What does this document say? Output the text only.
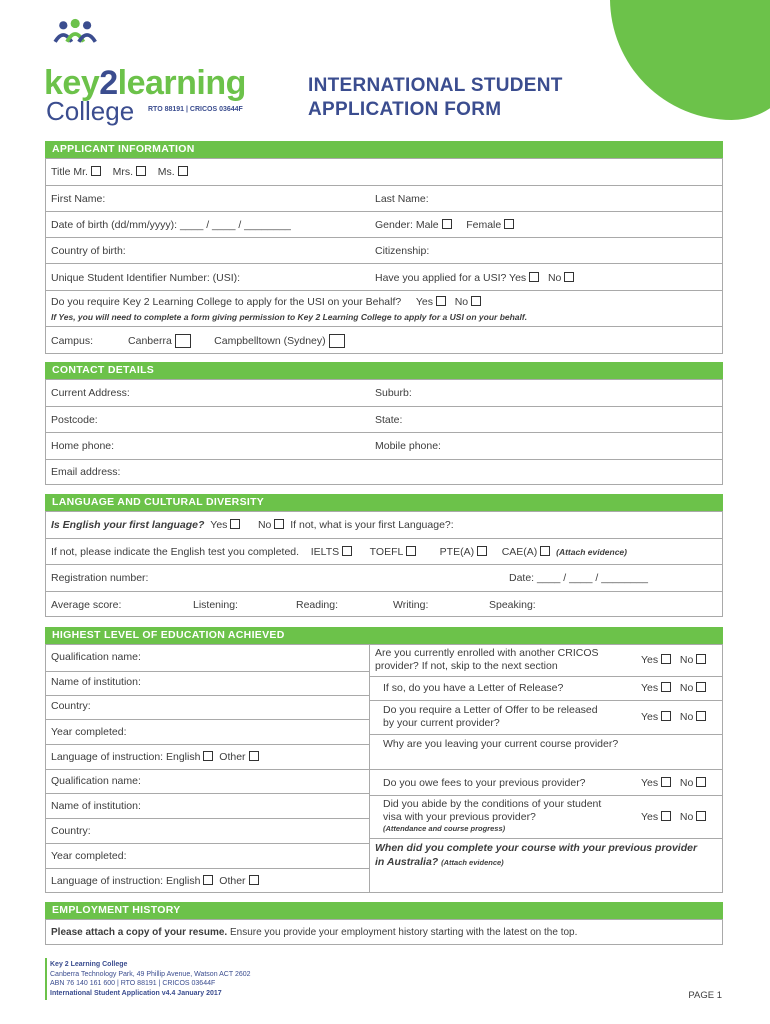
key2learning
College RTO 88191 | CRICOS 03644F
INTERNATIONAL STUDENT
APPLICATION FORM
APPLICANT INFORMATION
Title Mr. Mrs. Ms.
First Name:	Last Name:
Date of birth (dd/mm/yyyy): ____ / ____ / ________	Gender: Male	Female
Country of birth:	Citizenship:
Unique Student Identifier Number: (USI):	Have you applied for a USI? Yes No
Do you require Key 2 Learning College to apply for the USI on your Behalf? Yes No
If Yes, you will need to complete a form giving permission to Key 2 Learning College to apply for a USI on your behalf.
Campus:	Canberra	Campbelltown (Sydney)
CONTACT DETAILS
Current Address:	Suburb:
Postcode:	State:
Home phone:	Mobile phone:
Email address:
LANGUAGE AND CULTURAL DIVERSITY
Is English your first language? Yes	No If not, what is your first Language?:
If not, please indicate the English test you completed. IELTS	TOEFL	PTE(A)	CAE(A) (Attach evidence)
Registration number:	Date: ____ / ____ / ________
Average score:	Listening:	Reading:	Writing:	Speaking:
HIGHEST LEVEL OF EDUCATION ACHIEVED
Qualification name:
Name of institution:
Country:
Year completed:
Language of instruction: English Other
Qualification name:
Name of institution:
Country:
Year completed:
Language of instruction: English Other
Are you currently enrolled with another CRICOS
provider? If not, skip to the next section	Yes No
If so, do you have a Letter of Release?	Yes No
Do you require a Letter of Offer to be released
by your current provider?	Yes No
Why are you leaving your current course provider?
Do you owe fees to your previous provider?	Yes No
Did you abide by the conditions of your student
visa with your previous provider?
(Attendance and course progress)
Yes No
When did you complete your course with your previous provider
in Australia? (Attach evidence)
EMPLOYMENT HISTORY
Please attach a copy of your resume. Ensure you provide your employment history starting with the latest on the top.
Key 2 Learning College
Canberra Technology Park, 49 Phillip Avenue, Watson ACT 2602
ABN 76 140 161 600 | RTO 88191 | CRICOS 03644F
International Student Application v4.4 January 2017	PAGE 1
